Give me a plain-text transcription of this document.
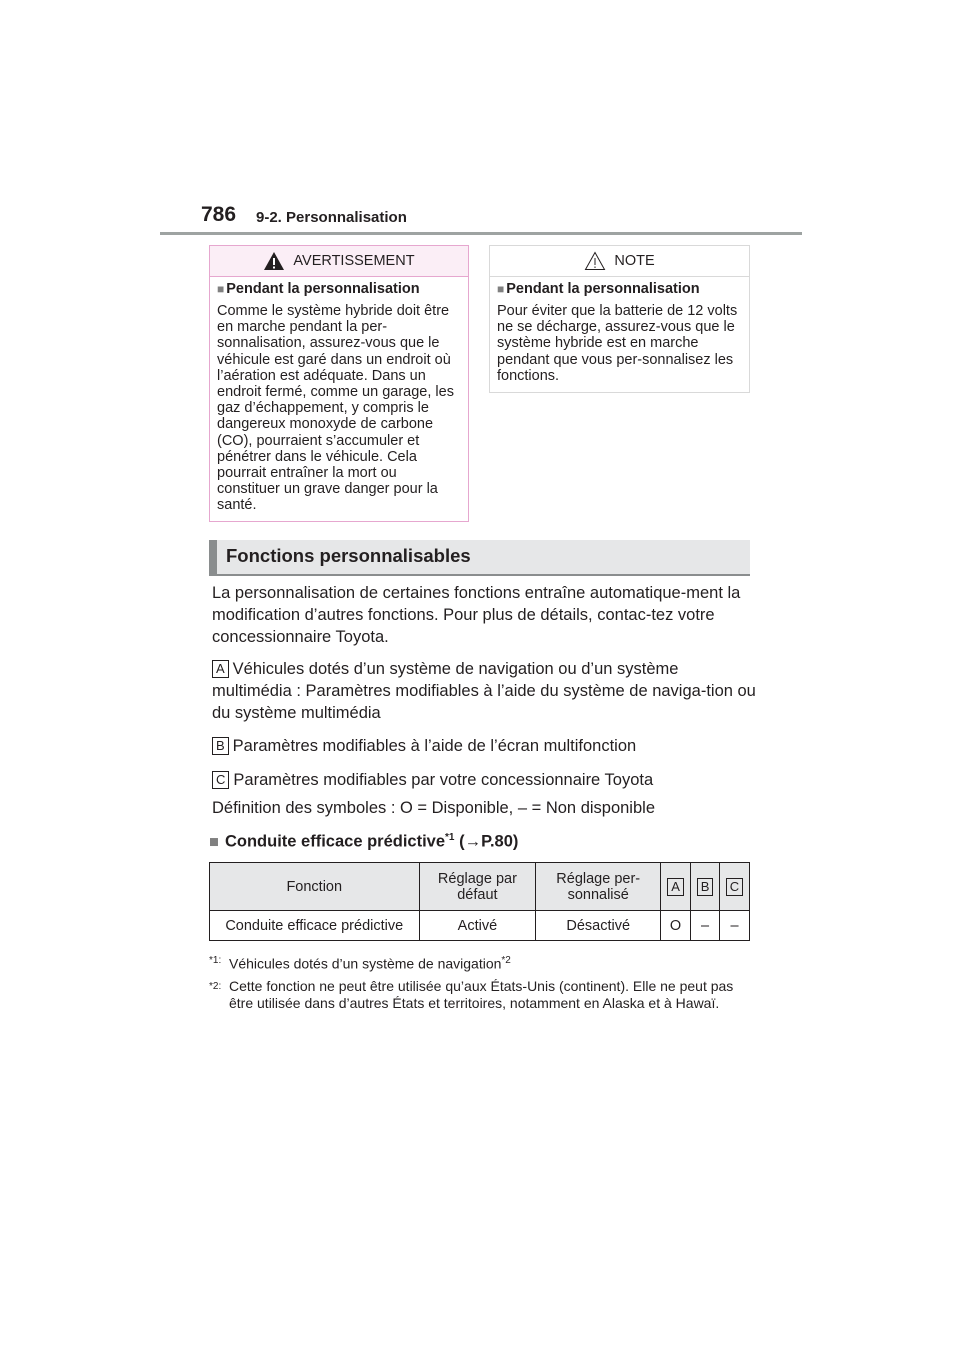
786 9-2. Personnalisation
AVERTISSEMENT

■ Pendant la personnalisation

Comme le système hybride doit être en marche pendant la per-sonnalisation, assurez-vous que le véhicule est garé dans un endroit où l’aération est adéquate. Dans un endroit fermé, comme un garage, les gaz d’échappement, y compris le dangereux monoxyde de carbone (CO), pourraient s’accumuler et pénétrer dans le véhicule. Cela pourrait entraîner la mort ou constituer un grave danger pour la santé.

NOTE

■ Pendant la personnalisation

Pour éviter que la batterie de 12 volts ne se décharge, assurez-vous que le système hybride est en marche pendant que vous per-sonnalisez les fonctions.

Fonctions personnalisables

La personnalisation de certaines fonctions entraîne automatique-ment la modification d’autres fonctions. Pour plus de détails, contac-tez votre concessionnaire Toyota.

A Véhicules dotés d’un système de navigation ou d’un système multimédia : Paramètres modifiables à l’aide du système de naviga-tion ou du système multimédia

B Paramètres modifiables à l’aide de l’écran multifonction

C Paramètres modifiables par votre concessionnaire Toyota

Définition des symboles : O = Disponible, – = Non disponible

■ Conduite efficace prédictive$^{*1}$ (→P.80)
Fonction	Réglage par défaut	Réglage per-sonnalisé	A	B	C
Conduite efficace prédictive	Activé	Désactivé	O	–	–
*1: Véhicules dotés d’un système de navigation$^{*2}$
*2: Cette fonction ne peut être utilisée qu’aux États-Unis (continent). Elle ne peut pas être utilisée dans d’autres États et territoires, notamment en Alaska et à Hawaï.
